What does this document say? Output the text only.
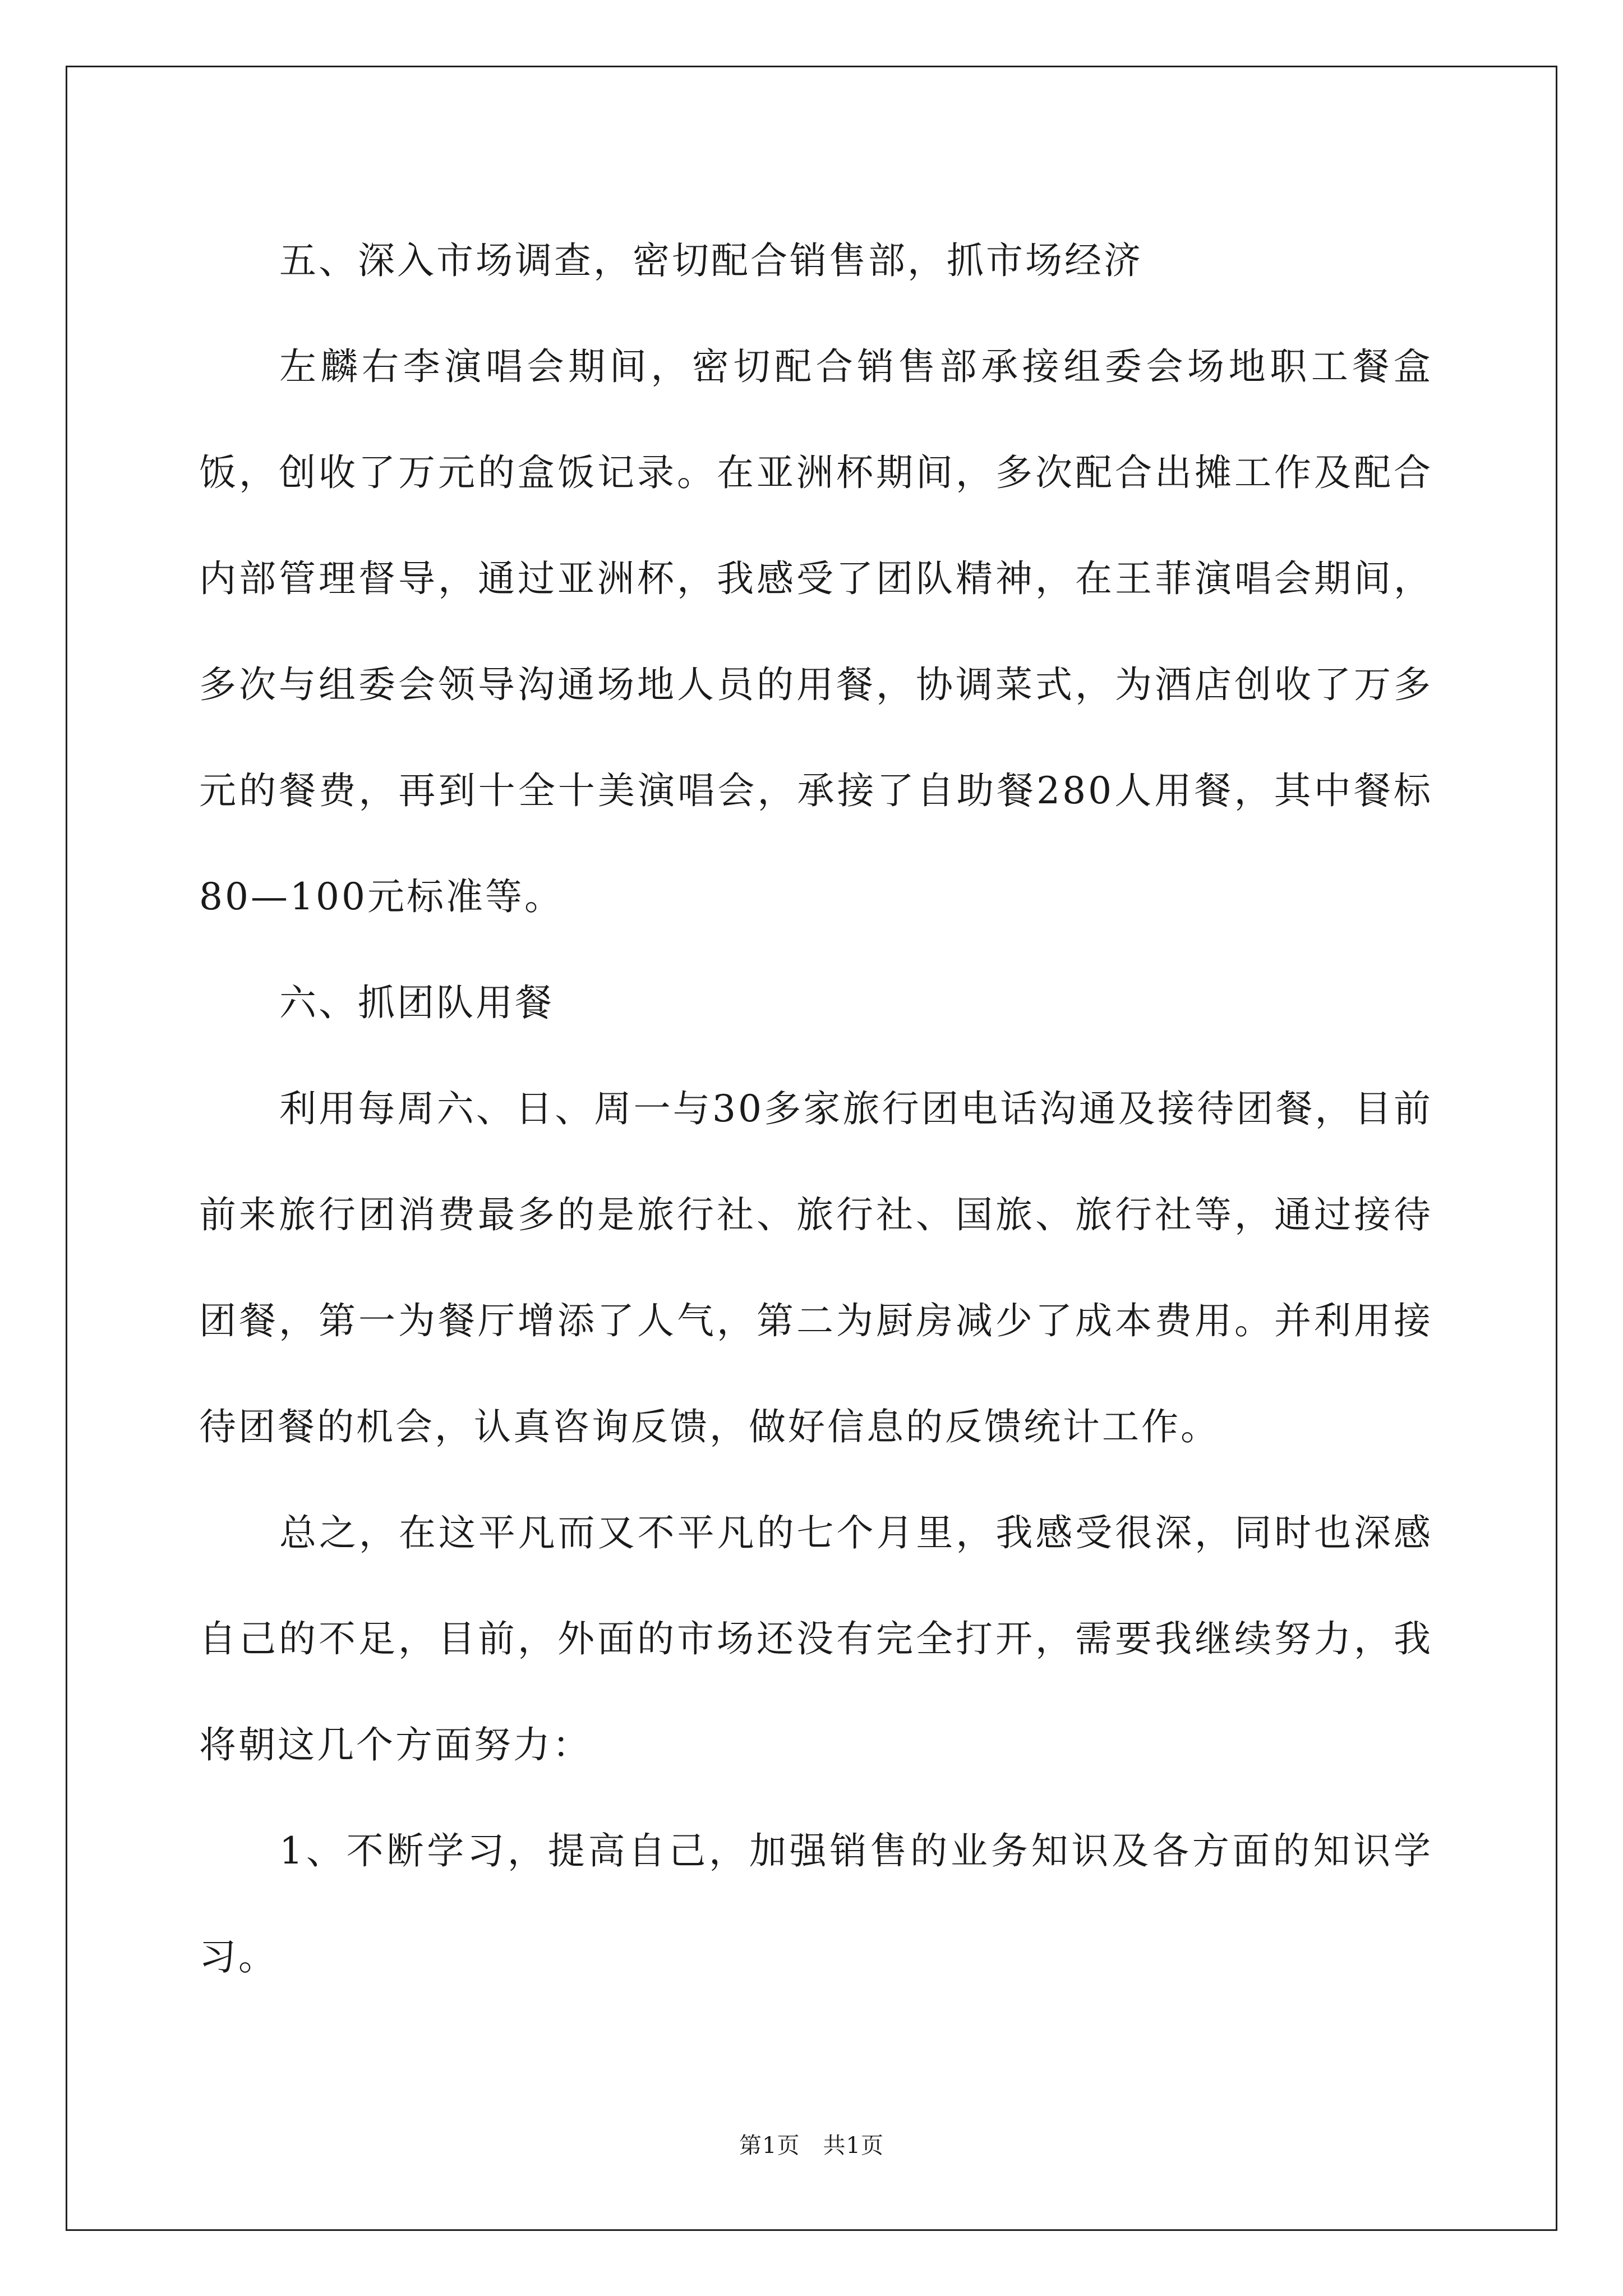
五、深入市场调查，密切配合销售部，抓市场经济

左麟右李演唱会期间，密切配合销售部承接组委会场地职工餐盒饭，创收了万元的盒饭记录。在亚洲杯期间，多次配合出摊工作及配合内部管理督导，通过亚洲杯，我感受了团队精神，在王菲演唱会期间，多次与组委会领导沟通场地人员的用餐，协调菜式，为酒店创收了万多元的餐费，再到十全十美演唱会，承接了自助餐280人用餐，其中餐标80—100元标准等。

六、抓团队用餐

利用每周六、日、周一与30多家旅行团电话沟通及接待团餐，目前前来旅行团消费最多的是旅行社、旅行社、国旅、旅行社等，通过接待团餐，第一为餐厅增添了人气，第二为厨房减少了成本费用。并利用接待团餐的机会，认真咨询反馈，做好信息的反馈统计工作。

总之，在这平凡而又不平凡的七个月里，我感受很深，同时也深感自己的不足，目前，外面的市场还没有完全打开，需要我继续努力，我将朝这几个方面努力：

1、不断学习，提高自己，加强销售的业务知识及各方面的知识学习。

第1页　共1页
